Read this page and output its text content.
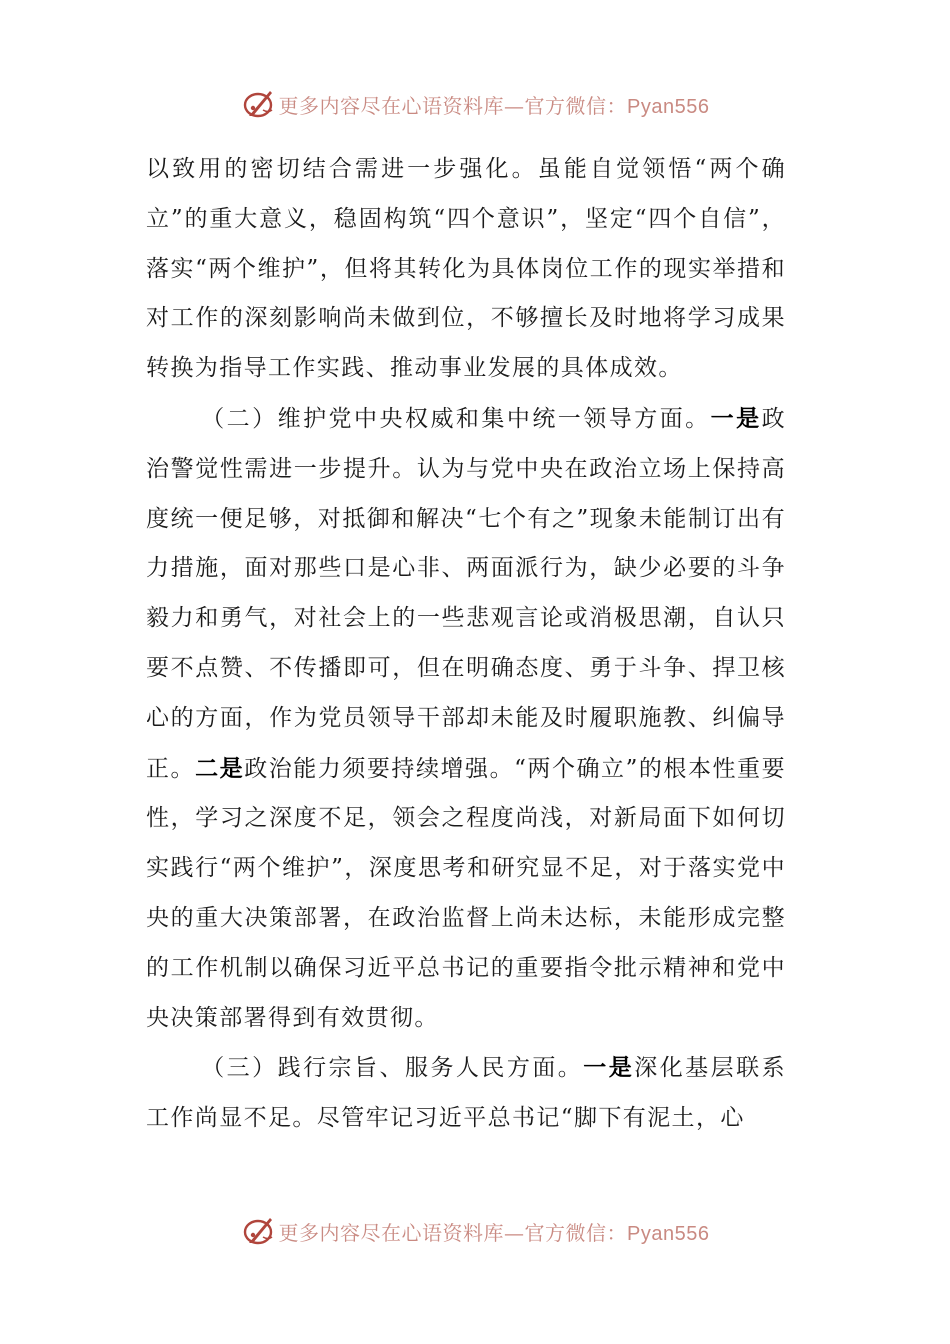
更多内容尽在心语资料库—官方微信：Pyan556

以致用的密切结合需进一步强化。虽能自觉领悟“两个确立”的重大意义，稳固构筑“四个意识”，坚定“四个自信”，落实“两个维护”，但将其转化为具体岗位工作的现实举措和对工作的深刻影响尚未做到位，不够擅长及时地将学习成果转换为指导工作实践、推动事业发展的具体成效。

（二）维护党中央权威和集中统一领导方面。一是政治警觉性需进一步提升。认为与党中央在政治立场上保持高度统一便足够，对抵御和解决“七个有之”现象未能制订出有力措施，面对那些口是心非、两面派行为，缺少必要的斗争毅力和勇气，对社会上的一些悲观言论或消极思潮，自认只要不点赞、不传播即可，但在明确态度、勇于斗争、捍卫核心的方面，作为党员领导干部却未能及时履职施教、纠偏导正。二是政治能力须要持续增强。“两个确立”的根本性重要性，学习之深度不足，领会之程度尚浅，对新局面下如何切实践行“两个维护”，深度思考和研究显不足，对于落实党中央的重大决策部署，在政治监督上尚未达标，未能形成完整的工作机制以确保习近平总书记的重要指令批示精神和党中央决策部署得到有效贯彻。

（三）践行宗旨、服务人民方面。一是深化基层联系工作尚显不足。尽管牢记习近平总书记“脚下有泥土，心

更多内容尽在心语资料库—官方微信：Pyan556
